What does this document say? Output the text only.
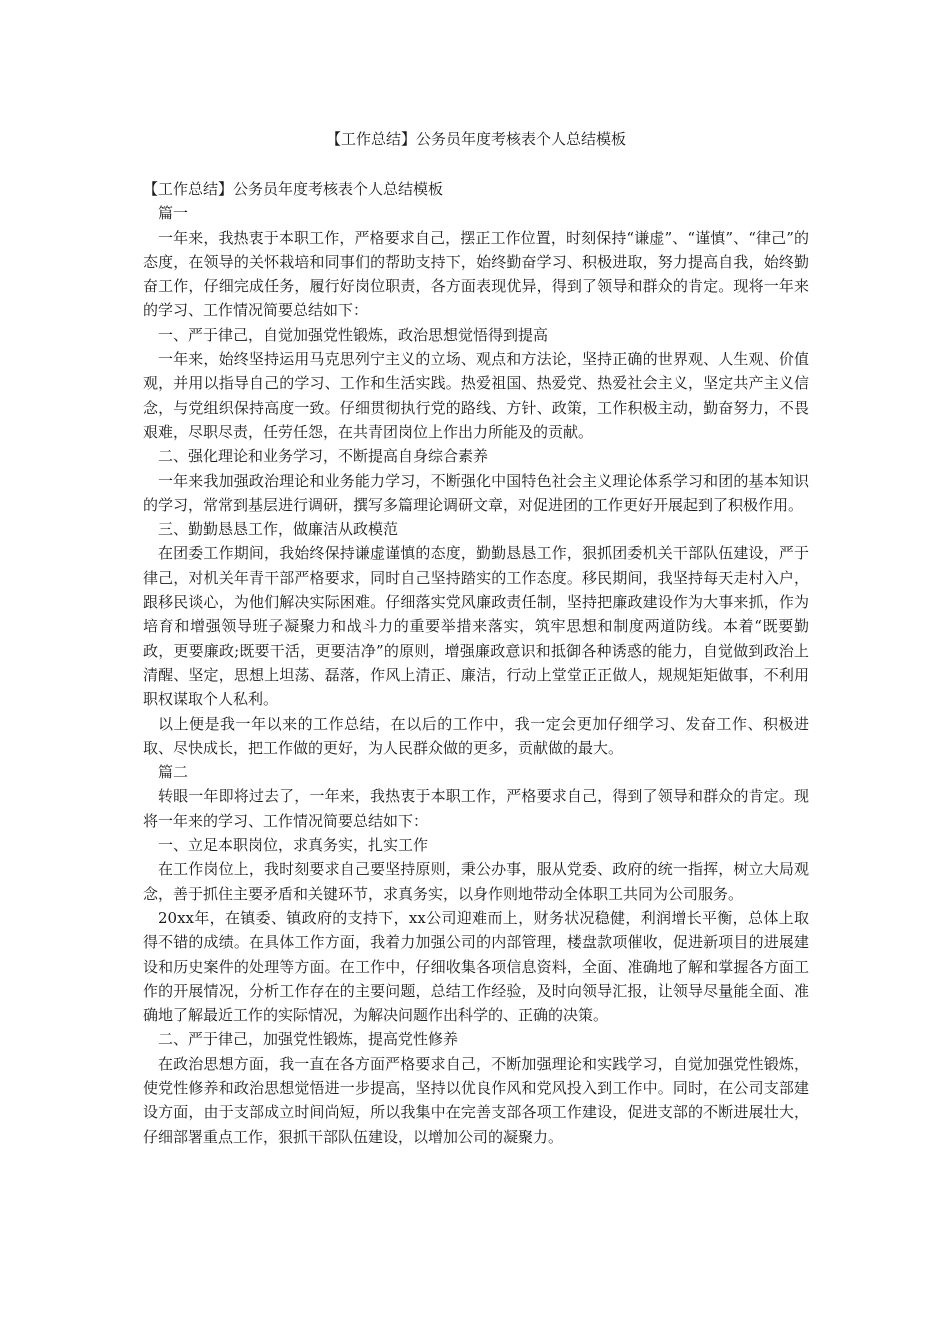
【工作总结】公务员年度考核表个人总结模板

【工作总结】公务员年度考核表个人总结模板

篇一

一年来，我热衷于本职工作，严格要求自己，摆正工作位置，时刻保持“谦虚”、“谨慎”、“律己”的态度，在领导的关怀栽培和同事们的帮助支持下，始终勤奋学习、积极进取，努力提高自我，始终勤奋工作，仔细完成任务，履行好岗位职责，各方面表现优异，得到了领导和群众的肯定。现将一年来的学习、工作情况简要总结如下：

一、严于律己，自觉加强党性锻炼，政治思想觉悟得到提高

一年来，始终坚持运用马克思列宁主义的立场、观点和方法论，坚持正确的世界观、人生观、价值观，并用以指导自己的学习、工作和生活实践。热爱祖国、热爱党、热爱社会主义，坚定共产主义信念，与党组织保持高度一致。仔细贯彻执行党的路线、方针、政策，工作积极主动，勤奋努力，不畏艰难，尽职尽责，任劳任怨，在共青团岗位上作出力所能及的贡献。

二、强化理论和业务学习，不断提高自身综合素养

一年来我加强政治理论和业务能力学习，不断强化中国特色社会主义理论体系学习和团的基本知识的学习，常常到基层进行调研，撰写多篇理论调研文章，对促进团的工作更好开展起到了积极作用。

三、勤勤恳恳工作，做廉洁从政模范

在团委工作期间，我始终保持谦虚谨慎的态度，勤勤恳恳工作，狠抓团委机关干部队伍建设，严于律己，对机关年青干部严格要求，同时自己坚持踏实的工作态度。移民期间，我坚持每天走村入户，跟移民谈心，为他们解决实际困难。仔细落实党风廉政责任制，坚持把廉政建设作为大事来抓，作为培育和增强领导班子凝聚力和战斗力的重要举措来落实，筑牢思想和制度两道防线。本着“既要勤政，更要廉政;既要干活，更要洁净”的原则，增强廉政意识和抵御各种诱惑的能力，自觉做到政治上清醒、坚定，思想上坦荡、磊落，作风上清正、廉洁，行动上堂堂正正做人，规规矩矩做事，不利用职权谋取个人私利。

以上便是我一年以来的工作总结，在以后的工作中，我一定会更加仔细学习、发奋工作、积极进取、尽快成长，把工作做的更好，为人民群众做的更多，贡献做的最大。

篇二

转眼一年即将过去了，一年来，我热衷于本职工作，严格要求自己，得到了领导和群众的肯定。现将一年来的学习、工作情况简要总结如下：

一、立足本职岗位，求真务实，扎实工作

在工作岗位上，我时刻要求自己要坚持原则，秉公办事，服从党委、政府的统一指挥，树立大局观念，善于抓住主要矛盾和关键环节，求真务实，以身作则地带动全体职工共同为公司服务。

20xx年，在镇委、镇政府的支持下，xx公司迎难而上，财务状况稳健，利润增长平衡，总体上取得不错的成绩。在具体工作方面，我着力加强公司的内部管理，楼盘款项催收，促进新项目的进展建设和历史案件的处理等方面。在工作中，仔细收集各项信息资料，全面、准确地了解和掌握各方面工作的开展情况，分析工作存在的主要问题，总结工作经验，及时向领导汇报，让领导尽量能全面、准确地了解最近工作的实际情况，为解决问题作出科学的、正确的决策。

二、严于律己，加强党性锻炼，提高党性修养

在政治思想方面，我一直在各方面严格要求自己，不断加强理论和实践学习，自觉加强党性锻炼，使党性修养和政治思想觉悟进一步提高，坚持以优良作风和党风投入到工作中。同时，在公司支部建设方面，由于支部成立时间尚短，所以我集中在完善支部各项工作建设，促进支部的不断进展壮大，仔细部署重点工作，狠抓干部队伍建设，以增加公司的凝聚力。
